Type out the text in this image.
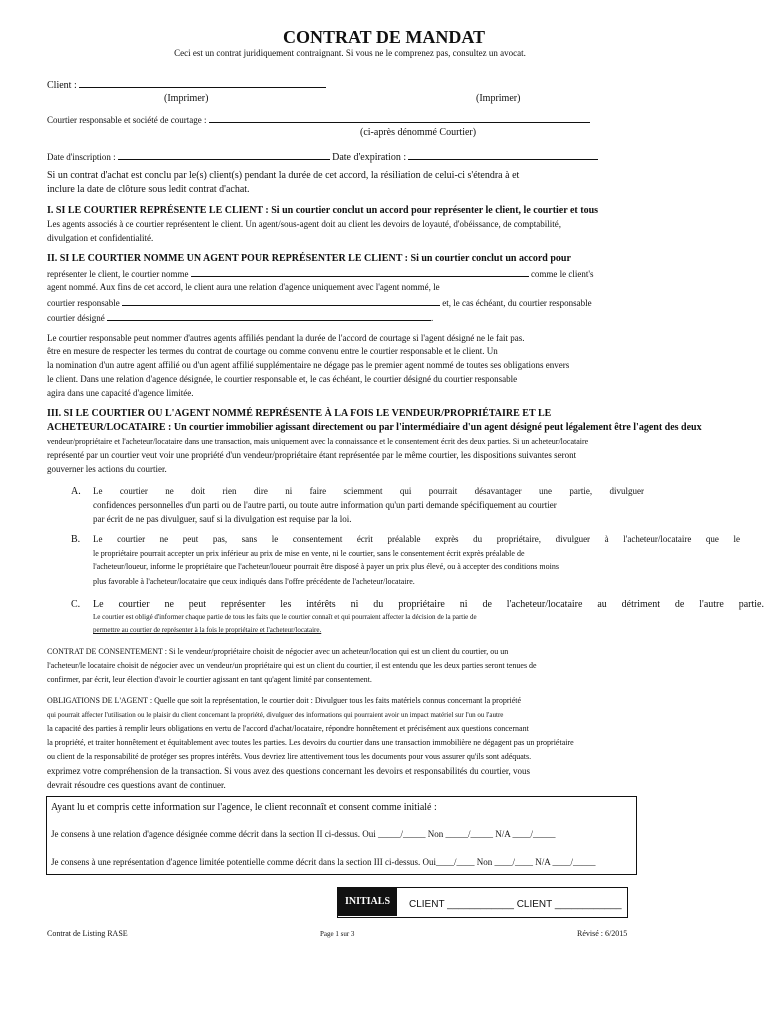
CONTRAT DE MANDAT
Ceci est un contrat juridiquement contraignant. Si vous ne le comprenez pas, consultez un avocat.
Client :
(Imprimer)	(Imprimer)
Courtier responsable et société de courtage :
(ci-après dénommé Courtier)
Date d'inscription :	Date d'expiration :
Si un contrat d'achat est conclu par le(s) client(s) pendant la durée de cet accord, la résiliation de celui-ci s'étendra à et
inclure la date de clôture sous ledit contrat d'achat.
I. SI LE COURTIER REPRÉSENTE LE CLIENT : Si un courtier conclut un accord pour représenter le client, le courtier et tous
Les agents associés à ce courtier représentent le client. Un agent/sous-agent doit au client les devoirs de loyauté, d'obéissance, de comptabilité,
divulgation et confidentialité.
II. SI LE COURTIER NOMME UN AGENT POUR REPRÉSENTER LE CLIENT : Si un courtier conclut un accord pour
représenter le client, le courtier nomme	comme le client's
agent nommé. Aux fins de cet accord, le client aura une relation d'agence uniquement avec l'agent nommé, le
courtier responsable	et, le cas échéant, du courtier responsable
courtier désigné	.
Le courtier responsable peut nommer d'autres agents affiliés pendant la durée de l'accord de courtage si l'agent désigné ne le fait pas.
être en mesure de respecter les termes du contrat de courtage ou comme convenu entre le courtier responsable et le client. Un
la nomination d'un autre agent affilié ou d'un agent affilié supplémentaire ne dégage pas le premier agent nommé de toutes ses obligations envers
le client. Dans une relation d'agence désignée, le courtier responsable et, le cas échéant, le courtier désigné du courtier responsable
agira dans une capacité d'agence limitée.
III. SI LE COURTIER OU L'AGENT NOMMÉ REPRÉSENTE À LA FOIS LE VENDEUR/PROPRIÉTAIRE ET LE
ACHETEUR/LOCATAIRE : Un courtier immobilier agissant directement ou par l'intermédiaire d'un agent désigné peut légalement être l'agent des deux
vendeur/propriétaire et l'acheteur/locataire dans une transaction, mais uniquement avec la connaissance et le consentement écrit des deux parties. Si un acheteur/locataire
représenté par un courtier veut voir une propriété d'un vendeur/propriétaire étant représentée par le même courtier, les dispositions suivantes seront
gouverner les actions du courtier.
A. Le courtier ne doit rien dire ni faire sciemment qui pourrait désavantager une partie, divulguer
confidences personnelles d'un parti ou de l'autre parti, ou toute autre information qu'un parti demande spécifiquement au courtier
par écrit de ne pas divulguer, sauf si la divulgation est requise par la loi.
B. Le courtier ne peut pas, sans le consentement écrit préalable exprès du propriétaire, divulguer à l'acheteur/locataire que le
le propriétaire pourrait accepter un prix inférieur au prix de mise en vente, ni le courtier, sans le consentement écrit exprès préalable de
l'acheteur/loueur, informe le propriétaire que l'acheteur/loueur pourrait être disposé à payer un prix plus élevé, ou à accepter des conditions moins
plus favorable à l'acheteur/locataire que ceux indiqués dans l'offre précédente de l'acheteur/locataire.
C. Le courtier ne peut représenter les intérêts ni du propriétaire ni de l'acheteur/locataire au détriment de l'autre partie.
Le courtier est obligé d'informer chaque partie de tous les faits que le courtier connaît et qui pourraient affecter la décision de la partie de
permettre au courtier de représenter à la fois le propriétaire et l'acheteur/locataire.
CONTRAT DE CONSENTEMENT : Si le vendeur/propriétaire choisit de négocier avec un acheteur/location qui est un client du courtier, ou un
l'acheteur/le locataire choisit de négocier avec un vendeur/un propriétaire qui est un client du courtier, il est entendu que les deux parties seront tenues de
confirmer, par écrit, leur élection d'avoir le courtier agissant en tant qu'agent limité par consentement.
OBLIGATIONS DE L'AGENT : Quelle que soit la représentation, le courtier doit : Divulguer tous les faits matériels connus concernant la propriété
qui pourrait affecter l'utilisation ou le plaisir du client concernant la propriété, divulguer des informations qui pourraient avoir un impact matériel sur l'un ou l'autre
la capacité des parties à remplir leurs obligations en vertu de l'accord d'achat/locataire, répondre honnêtement et précisément aux questions concernant
la propriété, et traiter honnêtement et équitablement avec toutes les parties. Les devoirs du courtier dans une transaction immobilière ne dégagent pas un propriétaire
ou client de la responsabilité de protéger ses propres intérêts. Vous devriez lire attentivement tous les documents pour vous assurer qu'ils sont adéquats.
exprimez votre compréhension de la transaction. Si vous avez des questions concernant les devoirs et responsabilités du courtier, vous
devrait résoudre ces questions avant de continuer.
Ayant lu et compris cette information sur l'agence, le client reconnaît et consent comme initialé :
Je consens à une relation d'agence désignée comme décrit dans la section II ci-dessus. Oui _____/_____ Non _____/_____ N/A ____/_____
Je consens à une représentation d'agence limitée potentielle comme décrit dans la section III ci-dessus. Oui____/____ Non ____/____ N/A ____/_____
INITIALS	CLIENT ____________ CLIENT ____________
Contrat de Listing RASE	Page 1 sur 3	Révisé : 6/2015
